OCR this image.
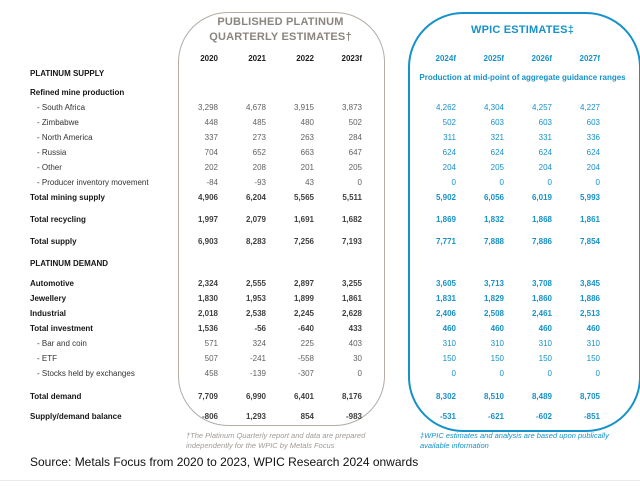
PUBLISHED PLATINUM
QUARTERLY ESTIMATES†
WPIC ESTIMATES‡
Production at mid-point of aggregate guidance ranges
2020	2021	2022	2023f	2024f	2025f	2026f	2027f
PLATINUM SUPPLY
Refined mine production
- South Africa	3,298	4,678	3,915	3,873	4,262	4,304	4,257	4,227
- Zimbabwe	448	485	480	502	502	603	603	603
- North America	337	273	263	284	311	321	331	336
- Russia	704	652	663	647	624	624	624	624
- Other	202	208	201	205	204	205	204	204
- Producer inventory movement	-84	-93	43	0	0	0	0	0
Total mining supply	4,906	6,204	5,565	5,511	5,902	6,056	6,019	5,993
Total recycling	1,997	2,079	1,691	1,682	1,869	1,832	1,868	1,861
Total supply	6,903	8,283	7,256	7,193	7,771	7,888	7,886	7,854
PLATINUM DEMAND
Automotive	2,324	2,555	2,897	3,255	3,605	3,713	3,708	3,845
Jewellery	1,830	1,953	1,899	1,861	1,831	1,829	1,860	1,886
Industrial	2,018	2,538	2,245	2,628	2,406	2,508	2,461	2,513
Total investment	1,536	-56	-640	433	460	460	460	460
- Bar and coin	571	324	225	403	310	310	310	310
- ETF	507	-241	-558	30	150	150	150	150
- Stocks held by exchanges	458	-139	-307	0	0	0	0	0
Total demand	7,709	6,990	6,401	8,176	8,302	8,510	8,489	8,705
Supply/demand balance	-806	1,293	854	-983	-531	-621	-602	-851
†The Platinum Quarterly report and data are prepared independently for the WPIC by Metals Focus
‡WPIC estimates and analysis are based upon publically available information
Source: Metals Focus from 2020 to 2023, WPIC Research 2024 onwards
